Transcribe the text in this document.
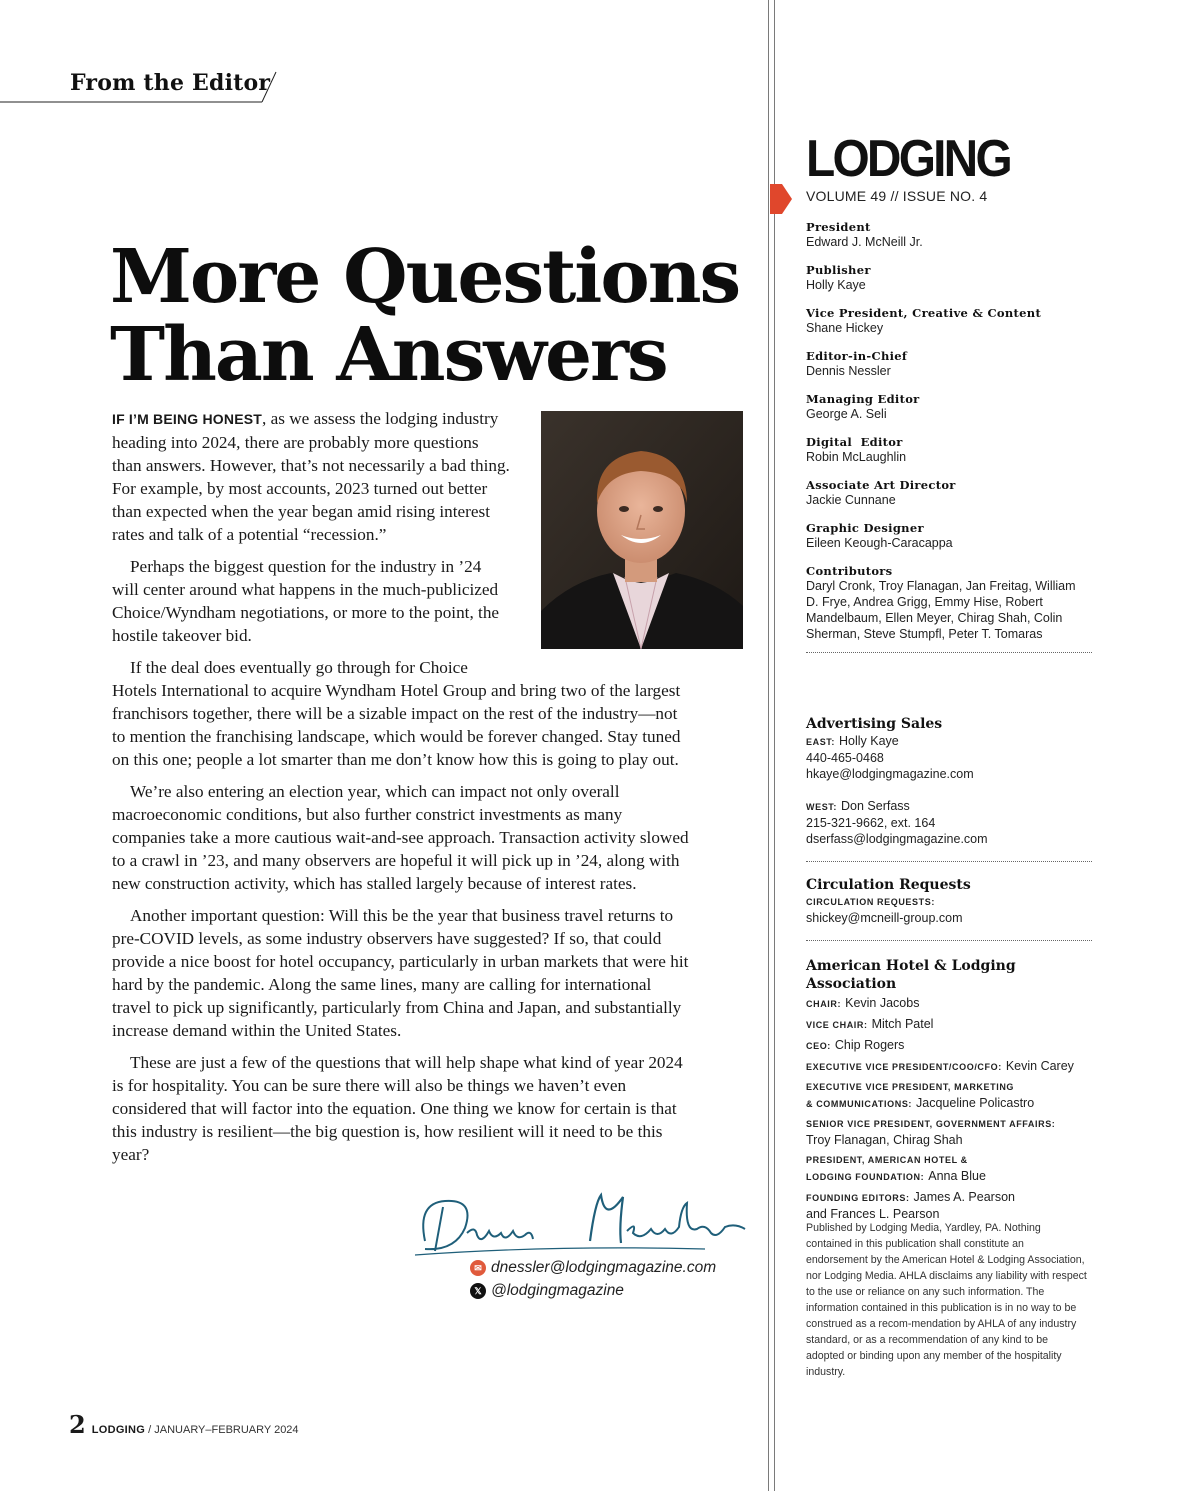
From the Editor
More Questions
Than Answers

IF I’M BEING HONEST, as we assess the lodging industry heading into 2024, there are probably more questions than answers. However, that’s not necessarily a bad thing. For example, by most accounts, 2023 turned out better than expected when the year began amid rising interest rates and talk of a potential “recession.”

Perhaps the biggest question for the industry in ’24 will center around what happens in the much-publicized Choice/Wyndham negotiations, or more to the point, the hostile takeover bid.

If the deal does eventually go through for Choice
Hotels International to acquire Wyndham Hotel Group and bring two of the largest franchisors together, there will be a sizable impact on the rest of the industry—not to mention the franchising landscape, which would be forever changed. Stay tuned on this one; people a lot smarter than me don’t know how this is going to play out.

We’re also entering an election year, which can impact not only overall macroeconomic conditions, but also further constrict investments as many companies take a more cautious wait-and-see approach. Transaction activity slowed to a crawl in ’23, and many observers are hopeful it will pick up in ’24, along with new construction activity, which has stalled largely because of interest rates.

Another important question: Will this be the year that business travel returns to pre-COVID levels, as some industry observers have suggested? If so, that could provide a nice boost for hotel occupancy, particularly in urban markets that were hit hard by the pandemic. Along the same lines, many are calling for international travel to pick up significantly, particularly from China and Japan, and substantially increase demand within the United States.

These are just a few of the questions that will help shape what kind of year 2024 is for hospitality. You can be sure there will also be things we haven’t even considered that will factor into the equation. One thing we know for certain is that this industry is resilient—the big question is, how resilient will it need to be this year?

✉ dnessler@lodgingmagazine.com
𝕏 @lodgingmagazine
2 LODGING / JANUARY–FEBRUARY 2024
LODGING
VOLUME 49 // ISSUE NO. 4
President
Edward J. McNeill Jr.
Publisher
Holly Kaye
Vice President, Creative & Content
Shane Hickey
Editor-in-Chief
Dennis Nessler
Managing Editor
George A. Seli
Digital  Editor
Robin McLaughlin
Associate Art Director
Jackie Cunnane
Graphic Designer
Eileen Keough-Caracappa
Contributors
Daryl Cronk, Troy Flanagan, Jan Freitag, William D. Frye, Andrea Grigg, Emmy Hise, Robert Mandelbaum, Ellen Meyer, Chirag Shah, Colin Sherman, Steve Stumpfl, Peter T. Tomaras
Advertising Sales
EAST: Holly Kaye
440-465-0468
hkaye@lodgingmagazine.com
WEST: Don Serfass
215-321-9662, ext. 164
dserfass@lodgingmagazine.com
Circulation Requests
CIRCULATION REQUESTS:
shickey@mcneill-group.com
American Hotel & Lodging Association
CHAIR: Kevin Jacobs
VICE CHAIR: Mitch Patel
CEO: Chip Rogers
EXECUTIVE VICE PRESIDENT/COO/CFO: Kevin Carey
EXECUTIVE VICE PRESIDENT, MARKETING
& COMMUNICATIONS: Jacqueline Policastro
SENIOR VICE PRESIDENT, GOVERNMENT AFFAIRS:
Troy Flanagan, Chirag Shah
PRESIDENT, AMERICAN HOTEL &
LODGING FOUNDATION: Anna Blue
FOUNDING EDITORS: James A. Pearson
and Frances L. Pearson
Published by Lodging Media, Yardley, PA. Nothing contained in this publication shall constitute an endorsement by the American Hotel & Lodging Association, nor Lodging Media. AHLA disclaims any liability with respect to the use or reliance on any such information. The information contained in this publication is in no way to be construed as a recom-mendation by AHLA of any industry standard, or as a recommendation of any kind to be adopted or binding upon any member of the hospitality industry.
